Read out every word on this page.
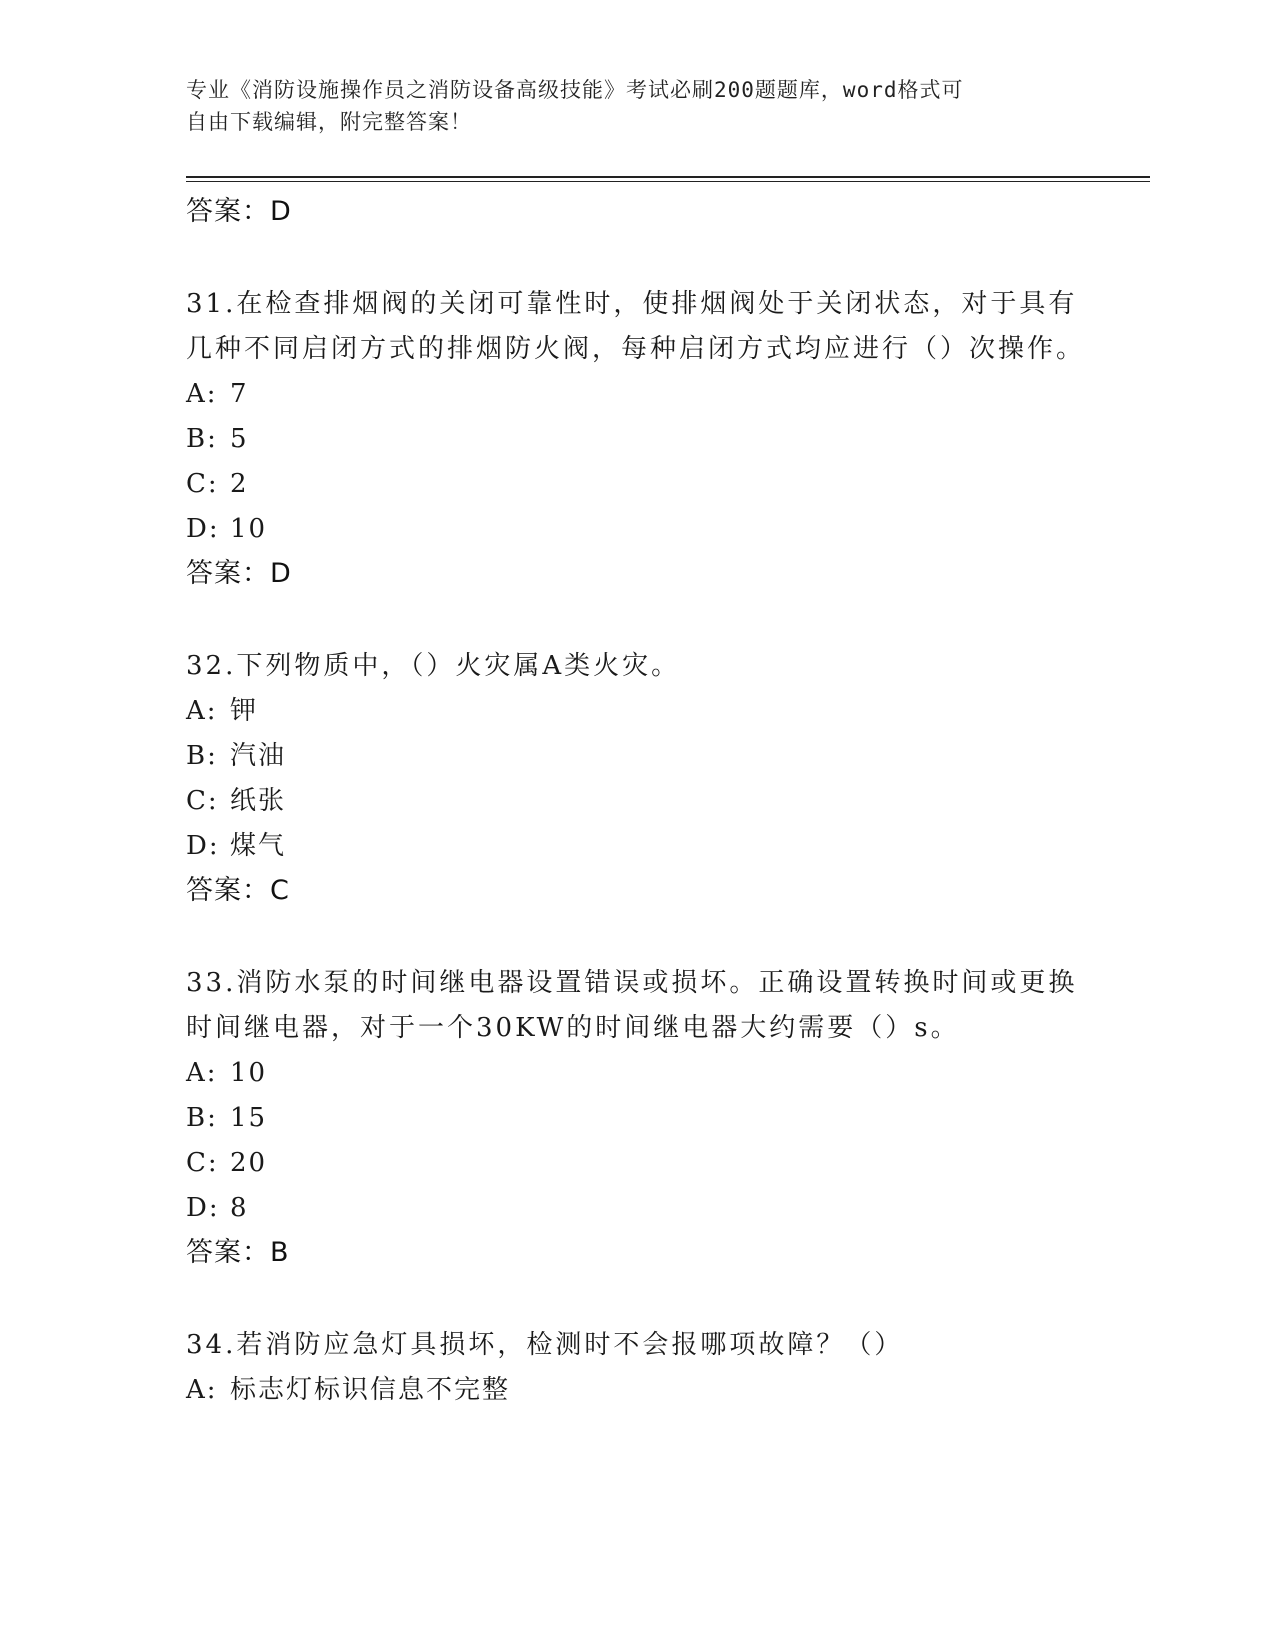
专业《消防设施操作员之消防设备高级技能》考试必刷200题题库，word格式可
自由下载编辑，附完整答案！
答案：D
31.在检查排烟阀的关闭可靠性时，使排烟阀处于关闭状态，对于具有几种不同启闭方式的排烟防火阀，每种启闭方式均应进行（）次操作。
A: 7
B: 5
C: 2
D: 10
答案：D
32.下列物质中，（）火灾属A类火灾。
A: 钾
B: 汽油
C: 纸张
D: 煤气
答案：C
33.消防水泵的时间继电器设置错误或损坏。正确设置转换时间或更换时间继电器，对于一个30KW的时间继电器大约需要（）s。
A: 10
B: 15
C: 20
D: 8
答案：B
34.若消防应急灯具损坏，检测时不会报哪项故障？（）
A: 标志灯标识信息不完整
